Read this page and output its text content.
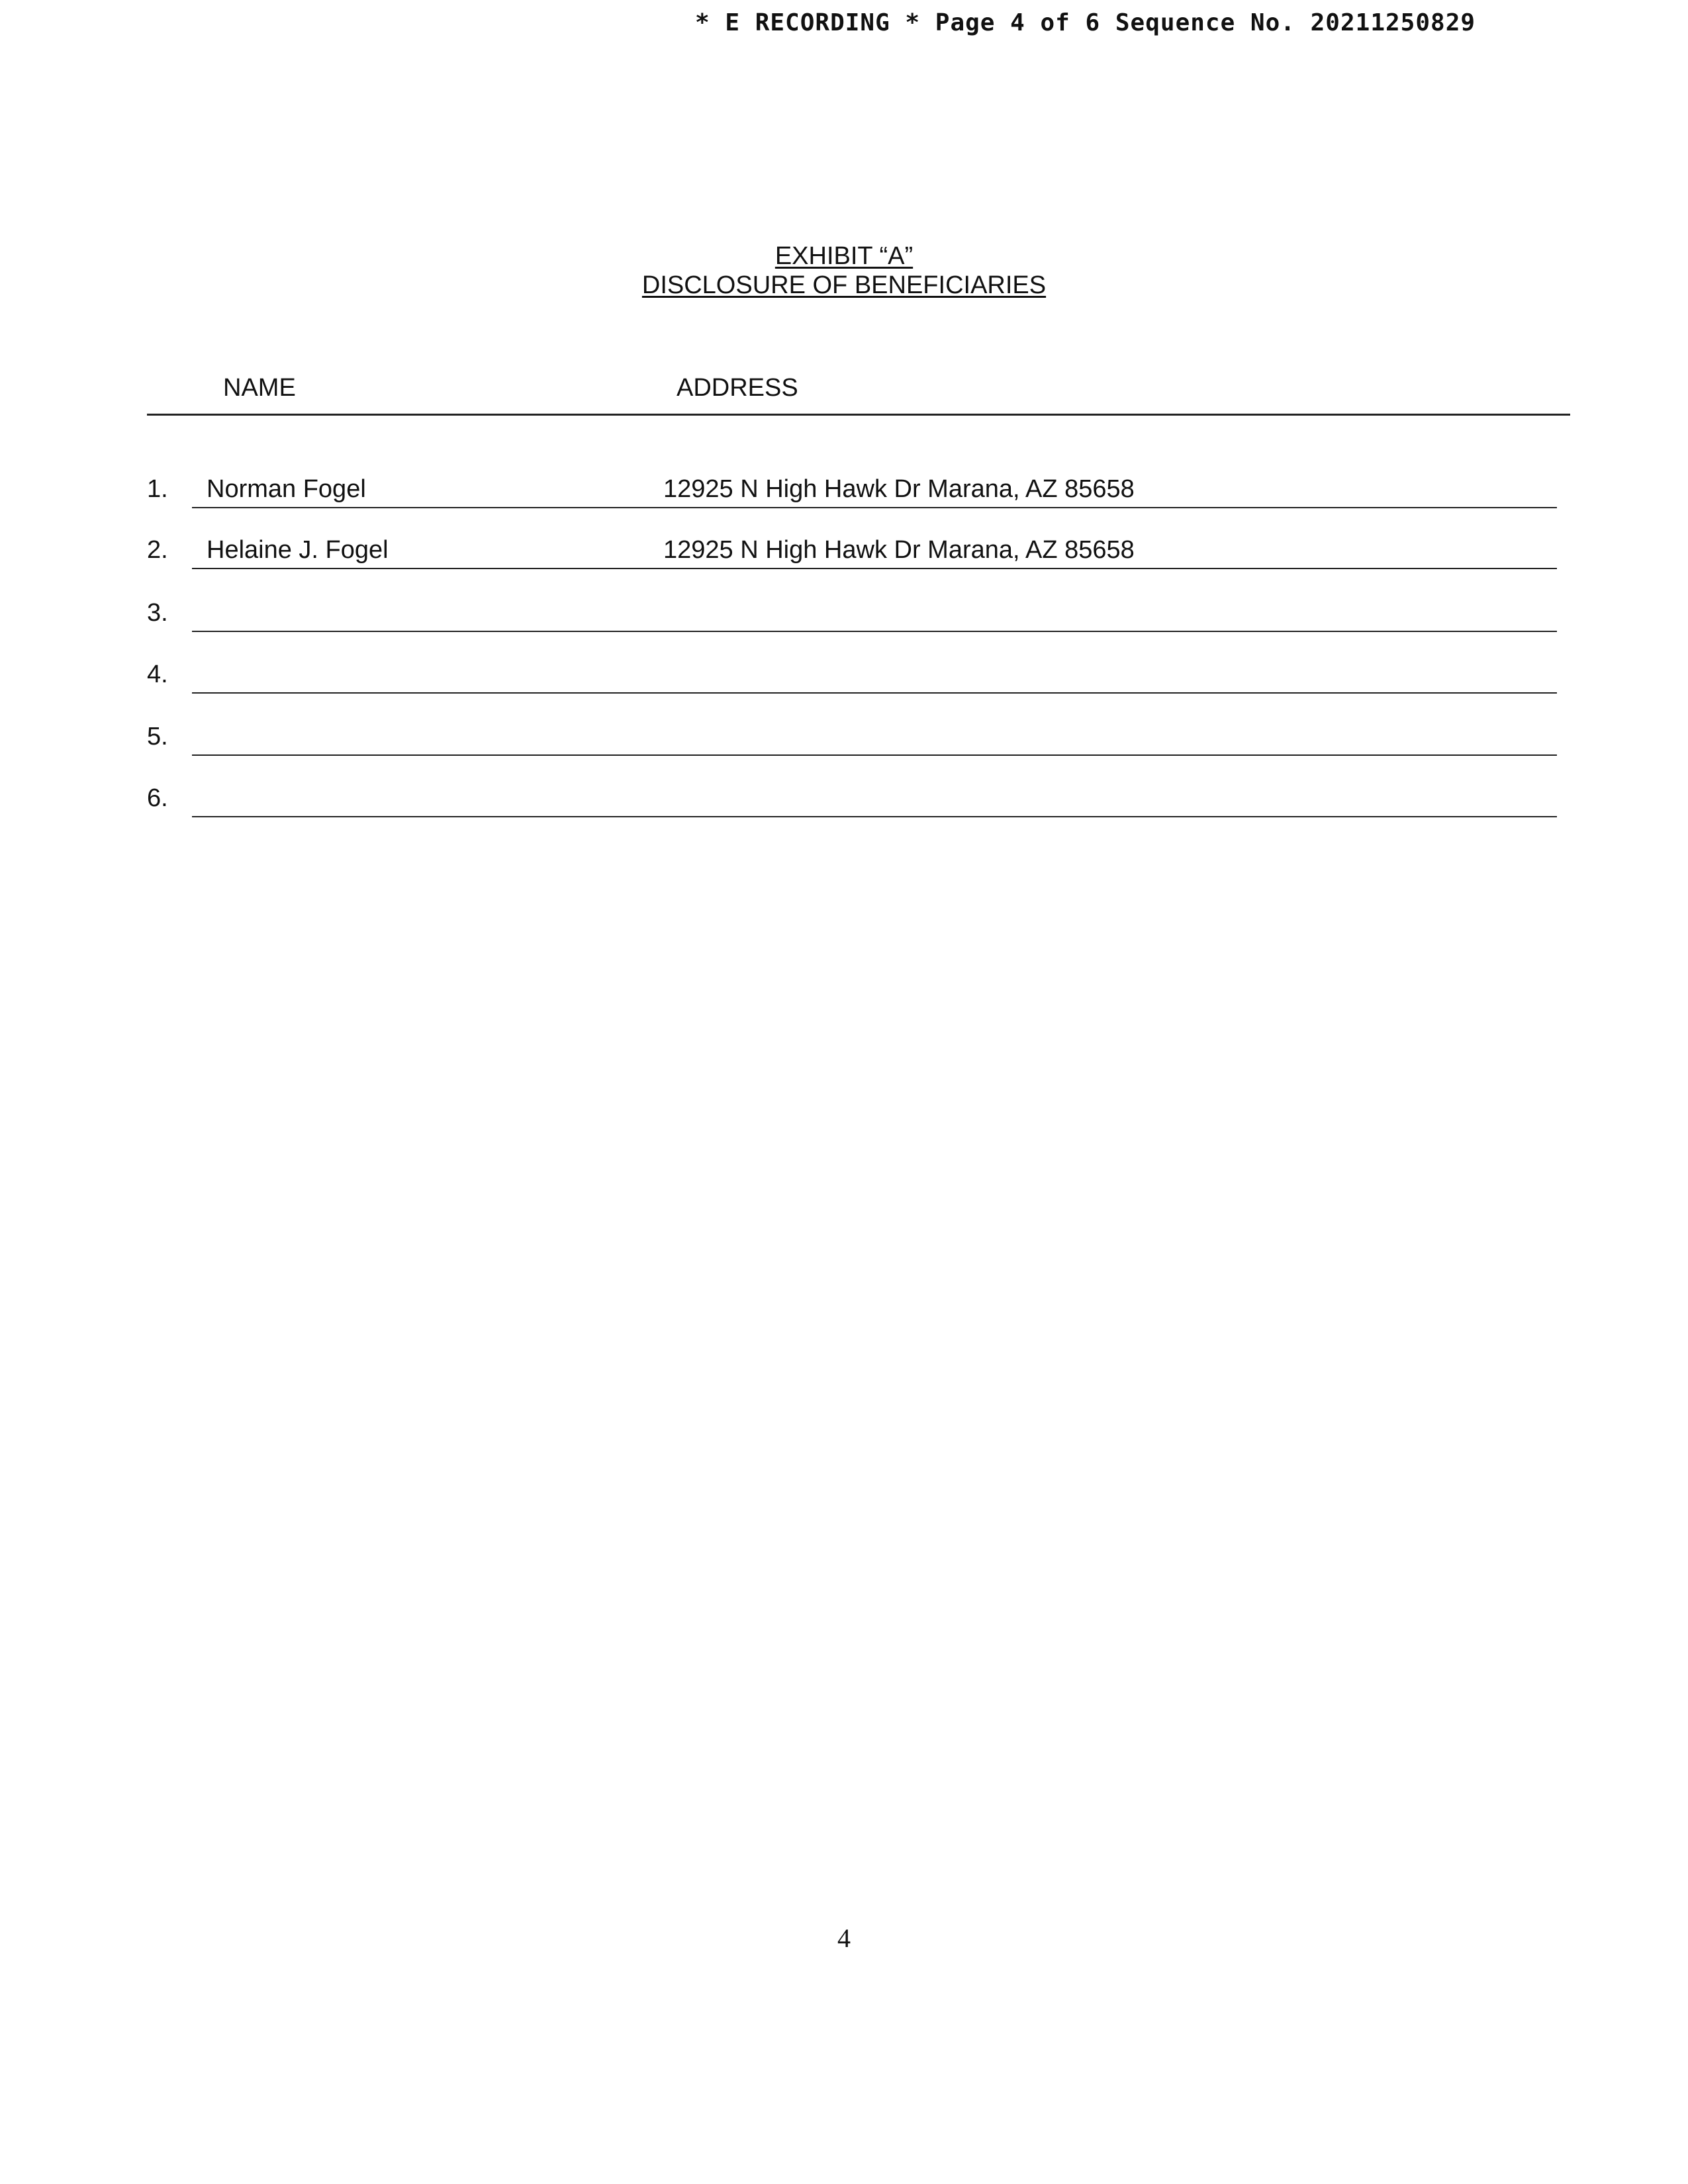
* E RECORDING * Page 4 of 6 Sequence No. 20211250829
EXHIBIT “A”
DISCLOSURE OF BENEFICIARIES
NAME	ADDRESS
1.	Norman Fogel	12925 N High Hawk Dr Marana, AZ 85658
2.	Helaine J. Fogel	12925 N High Hawk Dr Marana, AZ 85658
3.
4.
5.
6.
4
